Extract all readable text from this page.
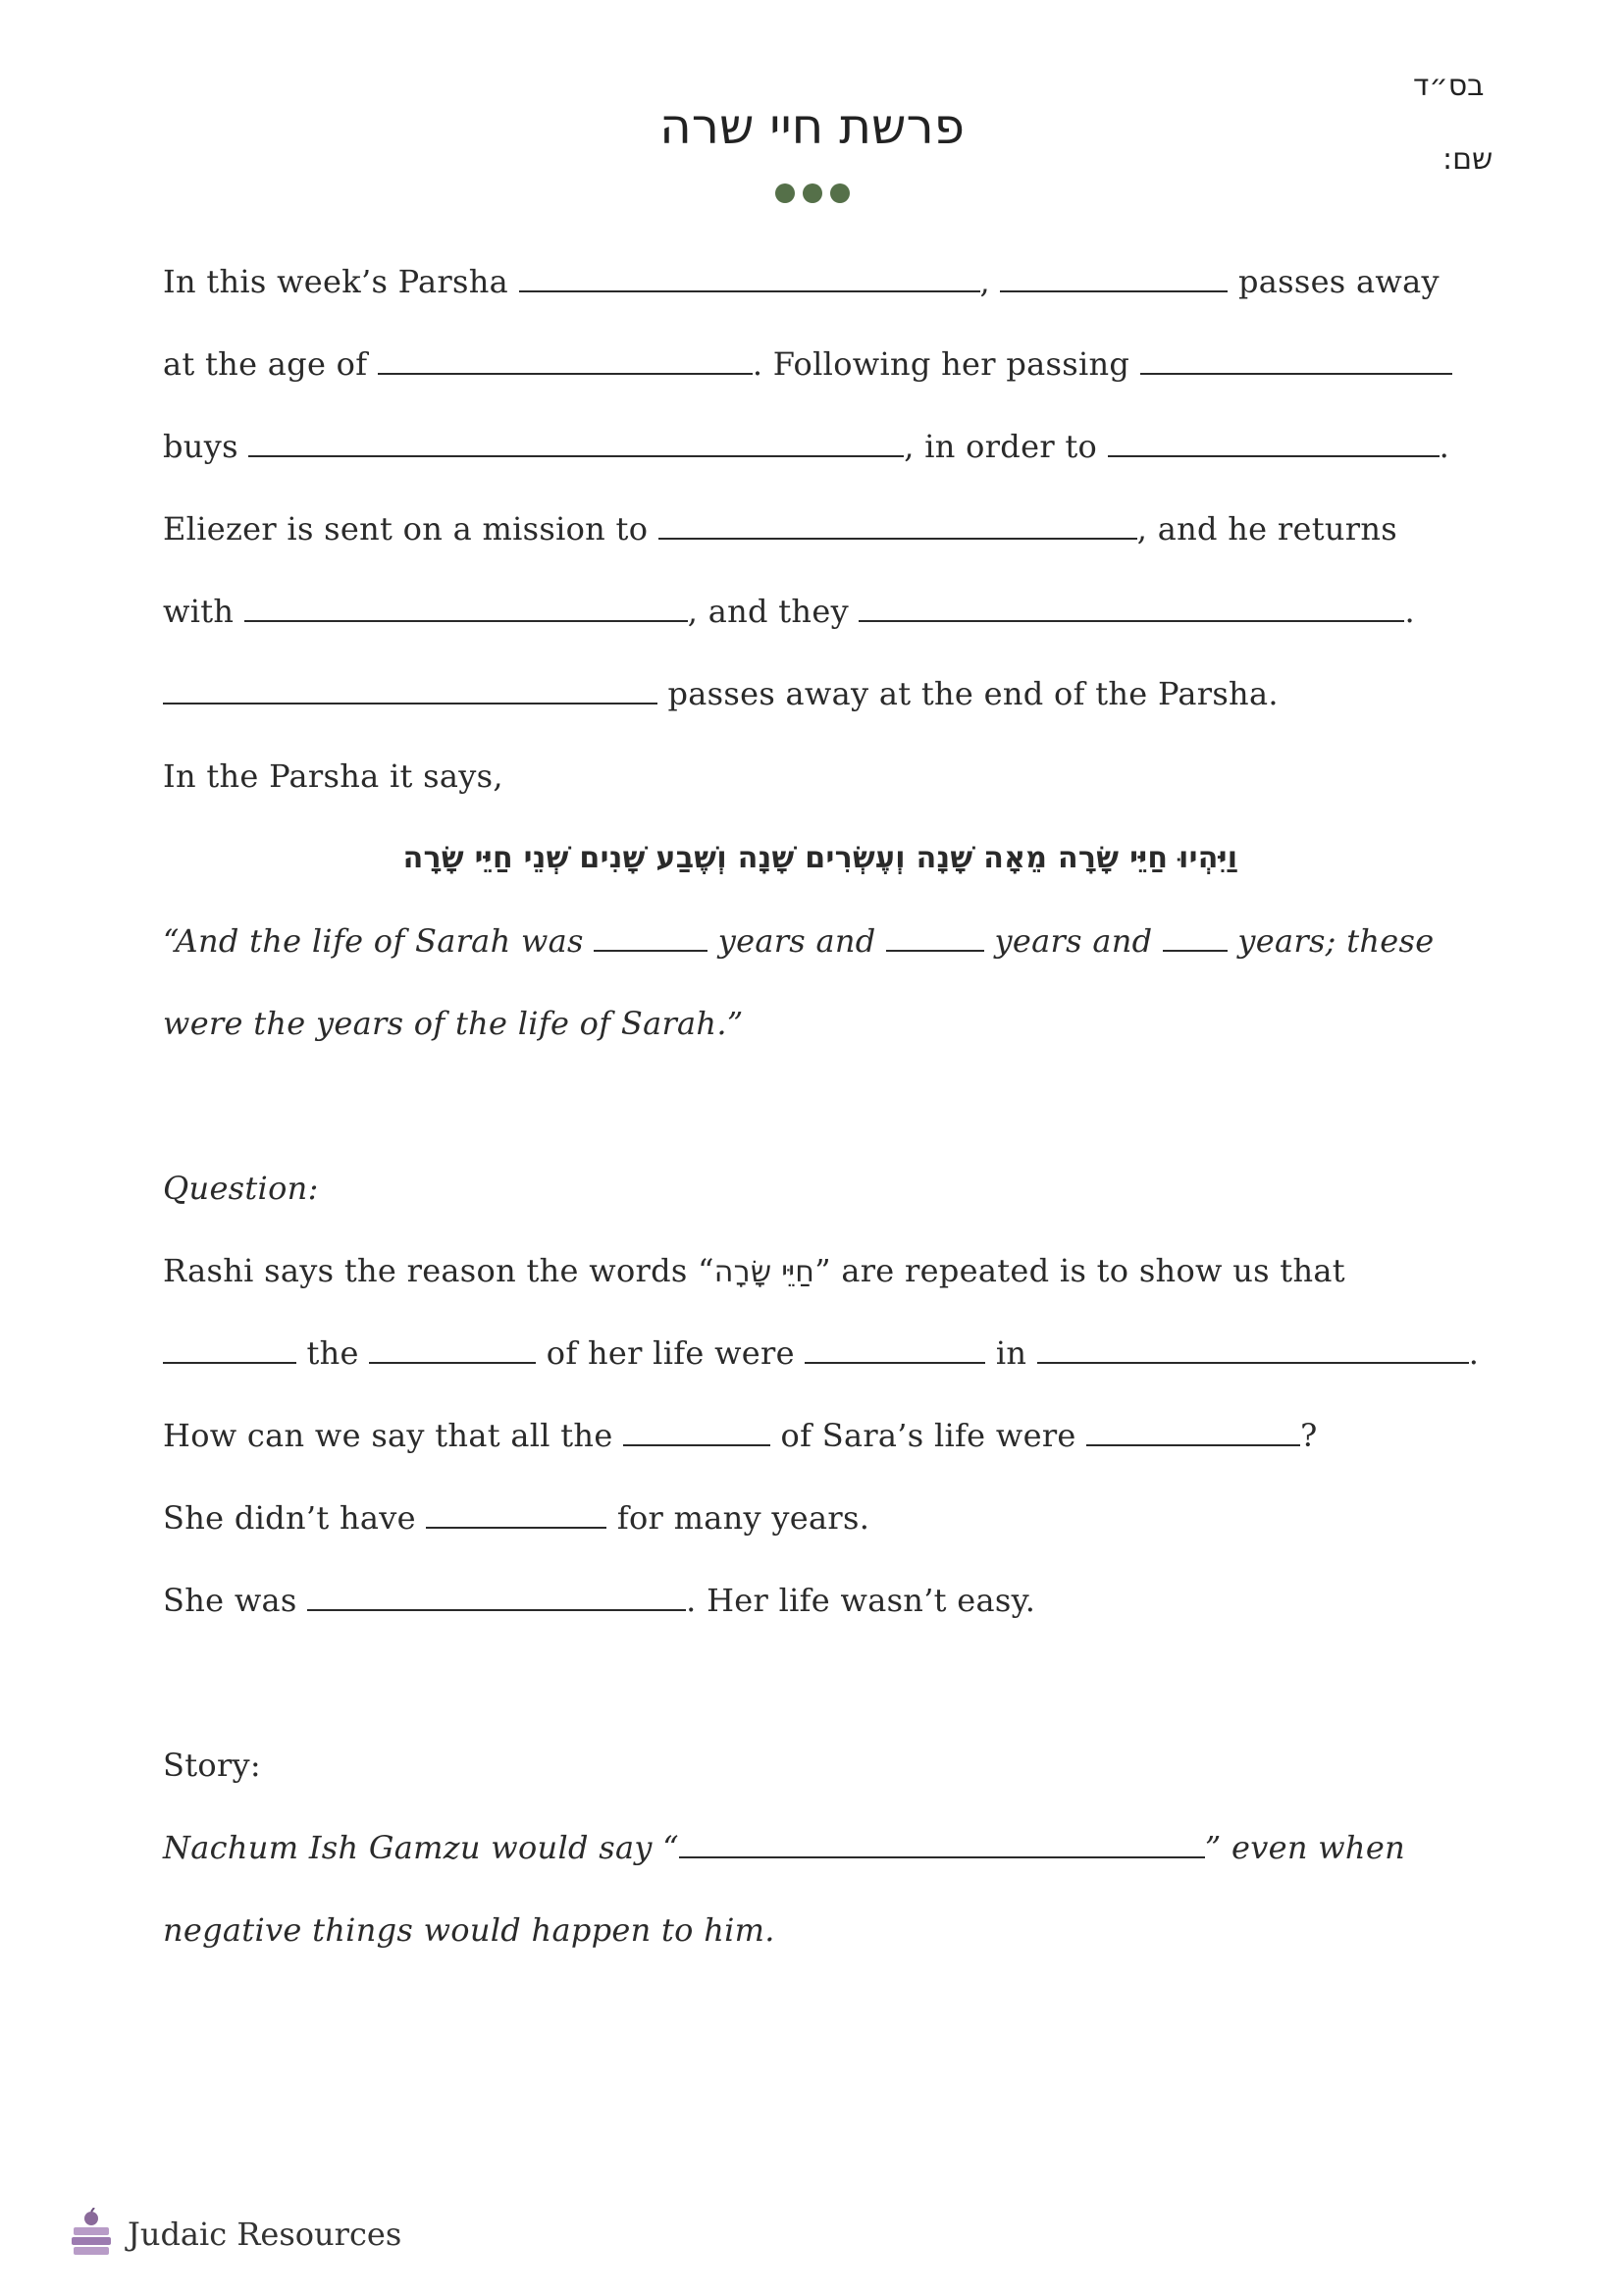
בס״ד
שם:
פרשת חיי שרה
In this week’s Parsha	,	passes away
at the age of	. Following her passing
buys	, in order to	.
Eliezer is sent on a mission to	, and he returns
with	, and they	.
passes away at the end of the Parsha.
In the Parsha it says,
וַיִּהְיוּ חַיֵּי שָׂרָה מֵאָה שָׁנָה וְעֶשְׂרִים שָׁנָה וְשֶׁבַע שָׁנִים שְׁנֵי חַיֵּי שָׂרָה
“And the life of Sarah was	years and	years and	years; these
were the years of the life of Sarah.”
Question:
Rashi says the reason the words “חַיֵּי שָׂרָה” are repeated is to show us that
the	of her life were	in	.
How can we say that all the	of Sara’s life were	?
She didn’t have	for many years.
She was	. Her life wasn’t easy.
Story:
Nachum Ish Gamzu would say “	” even when
negative things would happen to him.
Judaic Resources
